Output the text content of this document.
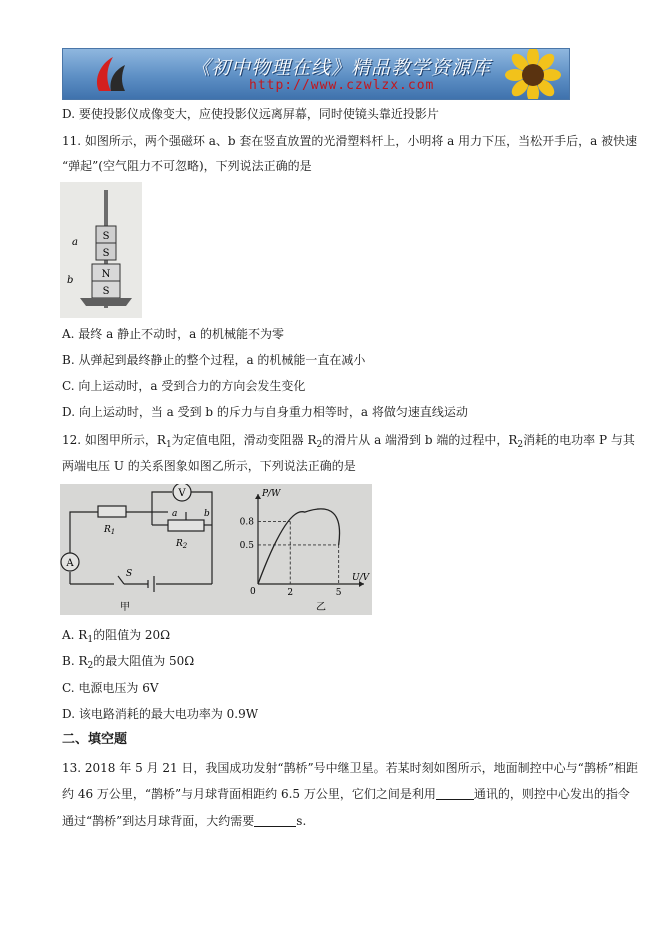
《初中物理在线》精品教学资源库
http://www.czwlzx.com
D. 要使投影仪成像变大，应使投影仪远离屏幕，同时使镜头靠近投影片
11. 如图所示，两个强磁环 a、b 套在竖直放置的光滑塑料杆上，小明将 a 用力下压，当松开手后，a 被快速
“弹起”(空气阻力不可忽略)，下列说法正确的是
S
S
N
S
a
b
A. 最终 a 静止不动时，a 的机械能不为零
B. 从弹起到最终静止的整个过程，a 的机械能一直在减小
C. 向上运动时，a 受到合力的方向会发生变化
D. 向上运动时，当 a 受到 b 的斥力与自身重力相等时，a 将做匀速直线运动
12. 如图甲所示，$R_1$为定值电阻，滑动变阻器 $R_2$的滑片从 a 端滑到 b 端的过程中，$R_2$消耗的电功率 P 与其
两端电压 U 的关系图象如图乙所示，下列说法正确的是
A
V
$R_1$
$R_2$
a	b
S
甲
0.5
0.8
2	5
0
P/W
U/V
乙
A. $R_1$的阻值为 20Ω
B. $R_2$的最大阻值为 50Ω
C. 电源电压为 6V
D. 该电路消耗的最大电功率为 0.9W
二、填空题
13. 2018 年 5 月 21 日，我国成功发射“鹊桥”号中继卫星。若某时刻如图所示，地面制控中心与“鹊桥”相距
约 46 万公里，“鹊桥”与月球背面相距约 6.5 万公里，它们之间是利用	通讯的，则控中心发出的指令
通过“鹊桥”到达月球背面，大约需要	s.
